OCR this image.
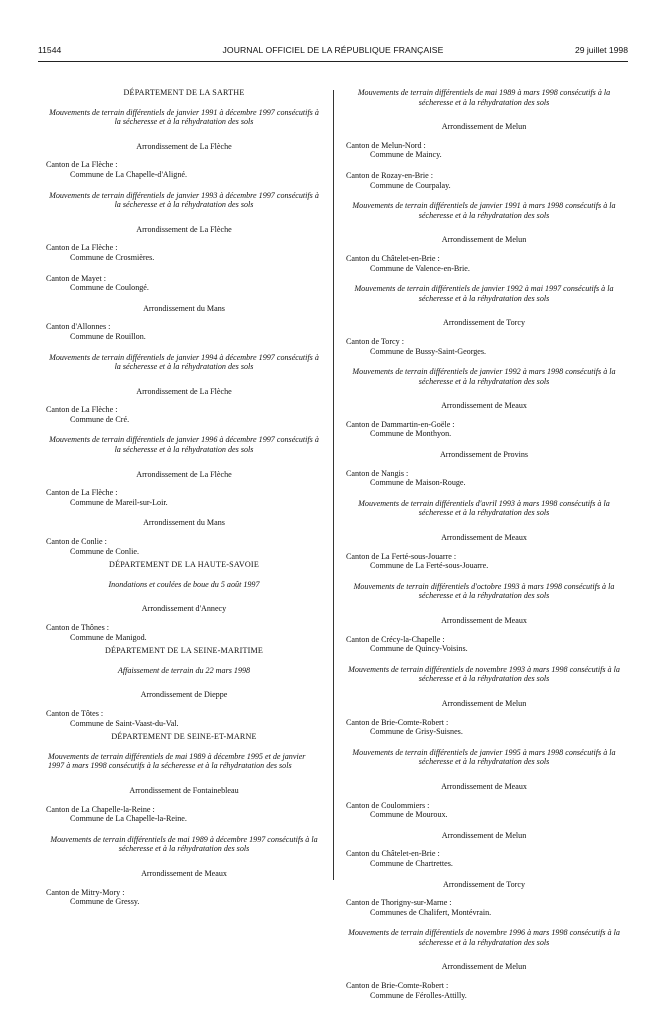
11544	JOURNAL OFFICIEL DE LA RÉPUBLIQUE FRANÇAISE	29 juillet 1998

DÉPARTEMENT DE LA SARTHE

Mouvements de terrain différentiels de janvier 1991 à décembre 1997 consécutifs à la sécheresse et à la réhydratation des sols

Arrondissement de La Flèche

Canton de La Flèche :

Commune de La Chapelle-d'Aligné.

Mouvements de terrain différentiels de janvier 1993 à décembre 1997 consécutifs à la sécheresse et à la réhydratation des sols

Arrondissement de La Flèche

Canton de La Flèche :

Commune de Crosmières.

Canton de Mayet :

Commune de Coulongé.

Arrondissement du Mans

Canton d'Allonnes :

Commune de Rouillon.

Mouvements de terrain différentiels de janvier 1994 à décembre 1997 consécutifs à la sécheresse et à la réhydratation des sols

Arrondissement de La Flèche

Canton de La Flèche :

Commune de Cré.

Mouvements de terrain différentiels de janvier 1996 à décembre 1997 consécutifs à la sécheresse et à la réhydratation des sols

Arrondissement de La Flèche

Canton de La Flèche :

Commune de Mareil-sur-Loir.

Arrondissement du Mans

Canton de Conlie :

Commune de Conlie.

DÉPARTEMENT DE LA HAUTE-SAVOIE

Inondations et coulées de boue du 5 août 1997

Arrondissement d'Annecy

Canton de Thônes :

Commune de Manigod.

DÉPARTEMENT DE LA SEINE-MARITIME

Affaissement de terrain du 22 mars 1998

Arrondissement de Dieppe

Canton de Tôtes :

Commune de Saint-Vaast-du-Val.

DÉPARTEMENT DE SEINE-ET-MARNE

Mouvements de terrain différentiels de mai 1989 à décembre 1995 et de janvier 1997 à mars 1998 consécutifs à la sécheresse et à la réhydratation des sols

Arrondissement de Fontainebleau

Canton de La Chapelle-la-Reine :

Commune de La Chapelle-la-Reine.

Mouvements de terrain différentiels de mai 1989 à décembre 1997 consécutifs à la sécheresse et à la réhydratation des sols

Arrondissement de Meaux

Canton de Mitry-Mory :

Commune de Gressy.

Mouvements de terrain différentiels de mai 1989 à mars 1998 consécutifs à la sécheresse et à la réhydratation des sols

Arrondissement de Melun

Canton de Melun-Nord :

Commune de Maincy.

Canton de Rozay-en-Brie :

Commune de Courpalay.

Mouvements de terrain différentiels de janvier 1991 à mars 1998 consécutifs à la sécheresse et à la réhydratation des sols

Arrondissement de Melun

Canton du Châtelet-en-Brie :

Commune de Valence-en-Brie.

Mouvements de terrain différentiels de janvier 1992 à mai 1997 consécutifs à la sécheresse et à la réhydratation des sols

Arrondissement de Torcy

Canton de Torcy :

Commune de Bussy-Saint-Georges.

Mouvements de terrain différentiels de janvier 1992 à mars 1998 consécutifs à la sécheresse et à la réhydratation des sols

Arrondissement de Meaux

Canton de Dammartin-en-Goële :

Commune de Monthyon.

Arrondissement de Provins

Canton de Nangis :

Commune de Maison-Rouge.

Mouvements de terrain différentiels d'avril 1993 à mars 1998 consécutifs à la sécheresse et à la réhydratation des sols

Arrondissement de Meaux

Canton de La Ferté-sous-Jouarre :

Commune de La Ferté-sous-Jouarre.

Mouvements de terrain différentiels d'octobre 1993 à mars 1998 consécutifs à la sécheresse et à la réhydratation des sols

Arrondissement de Meaux

Canton de Crécy-la-Chapelle :

Commune de Quincy-Voisins.

Mouvements de terrain différentiels de novembre 1993 à mars 1998 consécutifs à la sécheresse et à la réhydratation des sols

Arrondissement de Melun

Canton de Brie-Comte-Robert :

Commune de Grisy-Suisnes.

Mouvements de terrain différentiels de janvier 1995 à mars 1998 consécutifs à la sécheresse et à la réhydratation des sols

Arrondissement de Meaux

Canton de Coulommiers :

Commune de Mouroux.

Arrondissement de Melun

Canton du Châtelet-en-Brie :

Commune de Chartrettes.

Arrondissement de Torcy

Canton de Thorigny-sur-Marne :

Communes de Chalifert, Montévrain.

Mouvements de terrain différentiels de novembre 1996 à mars 1998 consécutifs à la sécheresse et à la réhydratation des sols

Arrondissement de Melun

Canton de Brie-Comte-Robert :

Commune de Férolles-Attilly.
